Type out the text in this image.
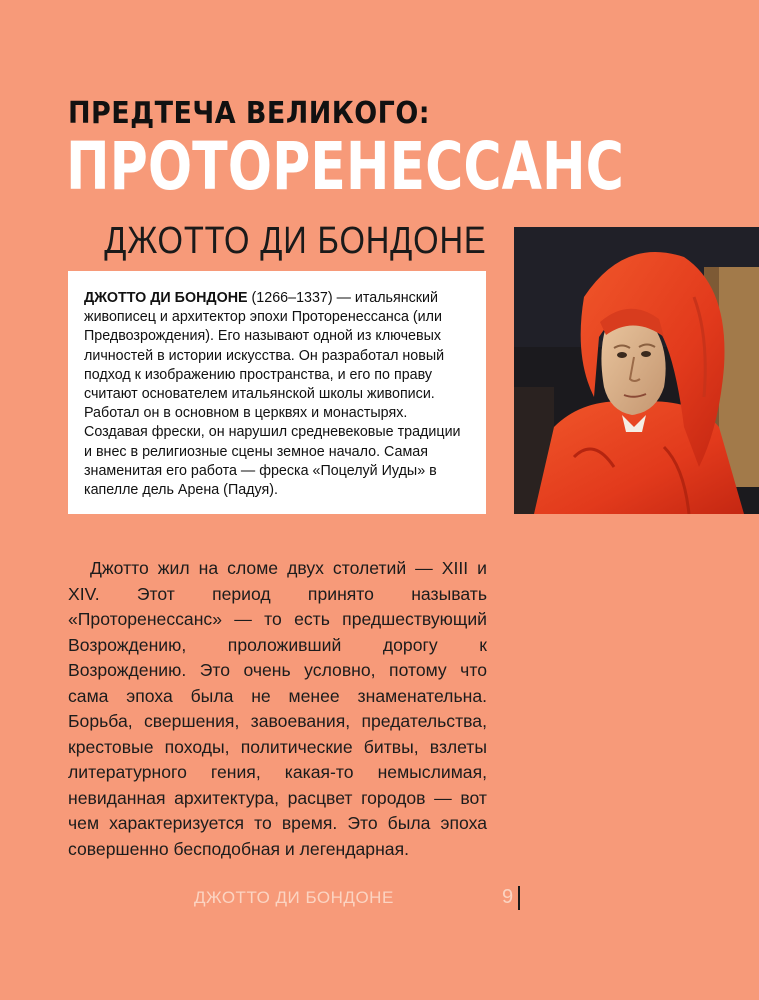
ПРЕДТЕЧА ВЕЛИКОГО:
ПРОТОРЕНЕССАНС
ДЖОТТО ДИ БОНДОНЕ

ДЖОТТО ДИ БОНДОНЕ (1266–1337) — итальянский живописец и архитектор эпохи Проторенессанса (или Предвозрождения). Его называют одной из ключевых личностей в истории искусства. Он разработал новый подход к изображению пространства, и его по праву считают основателем итальянской школы живописи. Работал он в основном в церквях и монастырях. Создавая фрески, он нарушил средневековые традиции и внес в религиозные сцены земное начало. Самая знаменитая его работа — фреска «Поцелуй Иуды» в капелле дель Арена (Падуя).

Джотто жил на сломе двух столетий — XIII и XIV. Этот период принято называть «Проторенессанс» — то есть предшествующий Возрождению, проложивший дорогу к Возрождению. Это очень условно, потому что сама эпоха была не менее знаменательна. Борьба, свершения, завоевания, предательства, крестовые походы, политические битвы, взлеты литературного гения, какая-то немыслимая, невиданная архитектура, расцвет городов — вот чем характеризуется то время. Это была эпоха совершенно бесподобная и легендарная.

ДЖОТТО ДИ БОНДОНЕ	9
